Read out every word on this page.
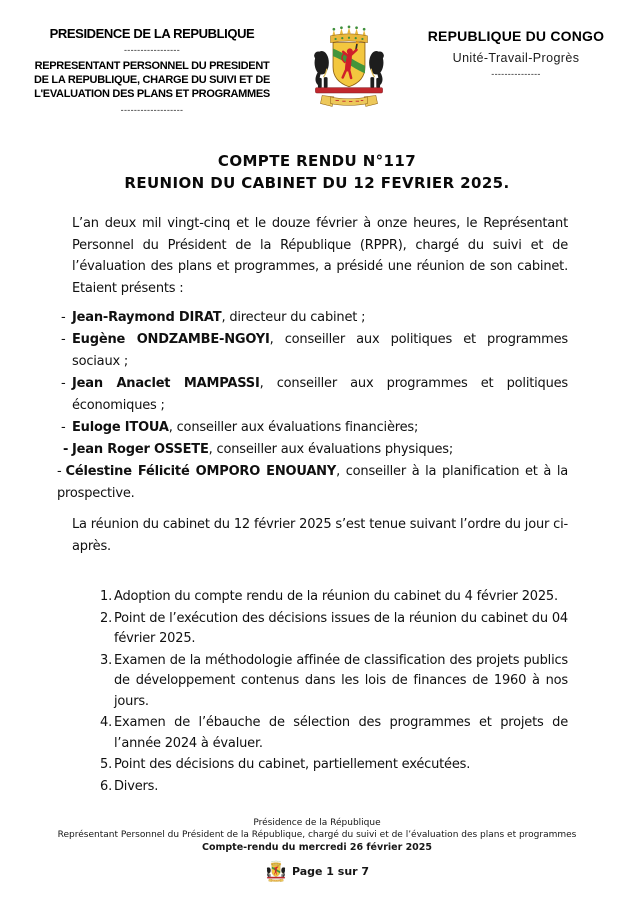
PRESIDENCE DE LA REPUBLIQUE
-----------------
REPRESENTANT PERSONNEL DU PRESIDENT DE LA REPUBLIQUE, CHARGE DU SUIVI ET DE L'EVALUATION DES PLANS ET PROGRAMMES
-------------------
REPUBLIQUE DU CONGO
Unité-Travail-Progrès
---------------
COMPTE RENDU N°117
REUNION DU CABINET DU 12 FEVRIER 2025.

L’an deux mil vingt-cinq et le douze février à onze heures, le Représentant Personnel du Président de la République (RPPR), chargé du suivi et de l’évaluation des plans et programmes, a présidé une réunion de son cabinet. Etaient présents :

- Jean-Raymond DIRAT, directeur du cabinet ;
- Eugène ONDZAMBE-NGOYI, conseiller aux politiques et programmes sociaux ;
- Jean Anaclet MAMPASSI, conseiller aux programmes et politiques économiques ;
- Euloge ITOUA, conseiller aux évaluations financières;
- Jean Roger OSSETE, conseiller aux évaluations physiques;
- Célestine Félicité OMPORO ENOUANY, conseiller à la planification et à la prospective.

La réunion du cabinet du 12 février 2025 s’est tenue suivant l’ordre du jour ci-après.

1. Adoption du compte rendu de la réunion du cabinet du 4 février 2025.
2. Point de l’exécution des décisions issues de la réunion du cabinet du 04 février 2025.
3. Examen de la méthodologie affinée de classification des projets publics de développement contenus dans les lois de finances de 1960 à nos jours.
4. Examen de l’ébauche de sélection des programmes et projets de l’année 2024 à évaluer.
5. Point des décisions du cabinet, partiellement exécutées.
6. Divers.
Présidence de la République
Représentant Personnel du Président de la République, chargé du suivi et de l’évaluation des plans et programmes
Compte-rendu du mercredi 26 février 2025
Page 1 sur 7
